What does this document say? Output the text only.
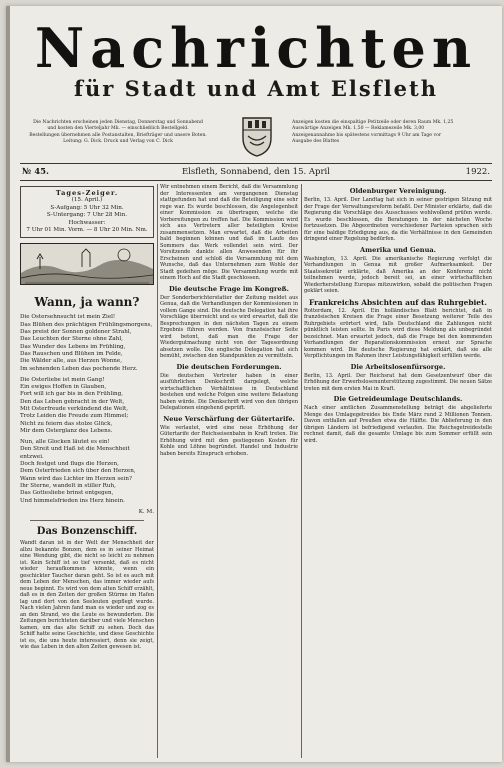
Nachrichten
für Stadt und Amt Elsfleth
Die Nachrichten erscheinen jeden Dienstag, Donnerstag und Sonnabend
und kosten den Vierteljahr Mk. — einschließlich Bestellgeld.
Bestellungen übernehmen alle Postanstalten, Briefträger und unsere Boten.
Leitung: G. Dick. Druck und Verlag von C. Dick
Anzeigen kosten die einspaltige Petitzeile oder deren Raum Mk. 1,25
Auswärtige Anzeigen Mk. 1,50 — Reklamezeile Mk. 3,00
Anzeigenannahme bis spätestens vormittags 9 Uhr am Tage vor
Ausgabe des Blattes
№ 45.	Elsfleth, Sonnabend, den 15. April	1922.
Tages-Zeiger.
(15. April.)
S-Aufgang: 5 Uhr 32 Min.
S-Untergang: 7 Uhr 28 Min.
Hochwasser:
7 Uhr 01 Min. Vorm. — 8 Uhr 20 Min. Nm.
Wann, ja wann?
Die Ostersehnsucht ist mein Ziel!
Das Blühen des prächtigen Frühlingsmorgens,
Das preist der Sonnen goldener Strahl,
Das Leuchten der Sterne ohne Zahl,
Das Wunder des Lebens im Frühling,
Das Rauschen und Blühen im Felde,
Die Wälder alle, aus Herzen Wonne,
Im sehnenden Leben das pochende Herz.
Die Osterliebe ist mein Gang!
Ein ewiges Hoffen in Glauben,
Fort will ich gar bis in den Frühling,
Den das Leben gebracht in der Welt,
Mit Osterfreude verkündend die Welt,
Trotz Leiden die Freude zum Himmel;
Nicht zu feiern das stolze Glück,
Mir dem Osterglanz des Lebens.
Nun, alle Glocken läutet es ein!
Den Streit und Haß ist die Menschheit entzwei.
Doch festget und flugs die Herzen,
Dem Osterfrieden sich über den Herzen,
Wann wird das Lichter im Herzen sein?
Ihr Sterne, wandelt in stiller Ruh,
Das Gottesliebe brinst entgegen,
Und himmelsfrieden ins Herz hinein.
K. M.
Das Bonzenschiff.

Wandt daran ist in der Welt der Menschheit der allzu bekannte Bonzen, dem es in seiner Heimat eine Wendung gibt, die nicht so leicht zu nehmen ist. Kein Schiff ist so tief versenkt, daß es nicht wieder heraufkommen könnte, wenn ein geschickter Taucher daran geht. So ist es auch mit dem Leben der Menschen, das immer wieder aufs neue beginnt. Es wird von dem alten Schiff erzählt, daß es in den Zeiten der großen Stürme im Hafen lag und dort von den Seeleuten gepflegt wurde. Nach vielen Jahren fand man es wieder und zog es an den Strand, wo die Leute es bewunderten. Die Zeitungen berichteten darüber und viele Menschen kamen, um das alte Schiff zu sehen. Doch das Schiff hatte seine Geschichte, und diese Geschichte ist es, die uns heute interessiert, denn sie zeigt, wie das Leben in den alten Zeiten gewesen ist.

Wir entnehmen einem Bericht, daß die Versammlung der Interessenten am vergangenen Dienstag stattgefunden hat und daß die Beteiligung eine sehr rege war. Es wurde beschlossen, die Angelegenheit einer Kommission zu übertragen, welche die Vorbereitungen zu treffen hat. Die Kommission wird sich aus Vertretern aller beteiligten Kreise zusammensetzen. Man erwartet, daß die Arbeiten bald beginnen können und daß im Laufe des Sommers das Werk vollendet sein wird. Der Vorsitzende dankte allen Anwesenden für ihr Erscheinen und schloß die Versammlung mit dem Wunsche, daß das Unternehmen zum Wohle der Stadt gedeihen möge. Die Versammlung wurde mit einem Hoch auf die Stadt geschlossen.

Die deutsche Frage im Kongreß.

Der Sonderberichterstatter der Zeitung meldet aus Genua, daß die Verhandlungen der Kommissionen in vollem Gange sind. Die deutsche Delegation hat ihre Vorschläge überreicht und es wird erwartet, daß die Besprechungen in den nächsten Tagen zu einem Ergebnis führen werden. Von französischer Seite wird betont, daß man die Frage der Wiedergutmachung nicht von der Tagesordnung absetzen wolle. Die englische Delegation hat sich bemüht, zwischen den Standpunkten zu vermitteln.

Die deutschen Forderungen.

Die deutschen Vertreter haben in einer ausführlichen Denkschrift dargelegt, welche wirtschaftlichen Verhältnisse in Deutschland bestehen und welche Folgen eine weitere Belastung haben würde. Die Denkschrift wird von den übrigen Delegationen eingehend geprüft.

Neue Verschärfung der Gütertarife.

Wie verlautet, wird eine neue Erhöhung der Gütertarife der Reichseisenbahn in Kraft treten. Die Erhöhung wird mit den gestiegenen Kosten für Kohle und Löhne begründet. Handel und Industrie haben bereits Einspruch erhoben.

Oldenburger Vereinigung.

Berlin, 13. April. Der Landtag hat sich in seiner gestrigen Sitzung mit der Frage der Verwaltungsreform befaßt. Der Minister erklärte, daß die Regierung die Vorschläge des Ausschusses wohlwollend prüfen werde. Es wurde beschlossen, die Beratungen in der nächsten Woche fortzusetzen. Die Abgeordneten verschiedener Parteien sprachen sich für eine baldige Erledigung aus, da die Verhältnisse in den Gemeinden dringend einer Regelung bedürfen.

Amerika und Genua.

Washington, 13. April. Die amerikanische Regierung verfolgt die Verhandlungen in Genua mit großer Aufmerksamkeit. Der Staatssekretär erklärte, daß Amerika an der Konferenz nicht teilnehmen werde, jedoch bereit sei, an einer wirtschaftlichen Wiederherstellung Europas mitzuwirken, sobald die politischen Fragen geklärt seien.

Frankreichs Absichten auf das Ruhrgebiet.

Rotterdam, 12. April. Ein holländisches Blatt berichtet, daß in französischen Kreisen die Frage einer Besetzung weiterer Teile des Ruhrgebiets erörtert wird, falls Deutschland die Zahlungen nicht pünktlich leisten sollte. In Paris wird diese Meldung als unbegründet bezeichnet. Man erwartet jedoch, daß die Frage bei den kommenden Verhandlungen der Reparationskommission erneut zur Sprache kommen wird. Die deutsche Regierung hat erklärt, daß sie alle Verpflichtungen im Rahmen ihrer Leistungsfähigkeit erfüllen werde.

Die Arbeitslosenfürsorge.

Berlin, 13. April. Der Reichsrat hat dem Gesetzentwurf über die Erhöhung der Erwerbslosenunterstützung zugestimmt. Die neuen Sätze treten mit dem ersten Mai in Kraft.

Die Getreideumlage Deutschlands.

Nach einer amtlichen Zusammenstellung beträgt die abgelieferte Menge des Umlagegetreides bis Ende März rund 2 Millionen Tonnen. Davon entfallen auf Preußen etwa die Hälfte. Die Ablieferung in den übrigen Ländern ist befriedigend verlaufen. Die Reichsgetreidestelle rechnet damit, daß die gesamte Umlage bis zum Sommer erfüllt sein wird.
